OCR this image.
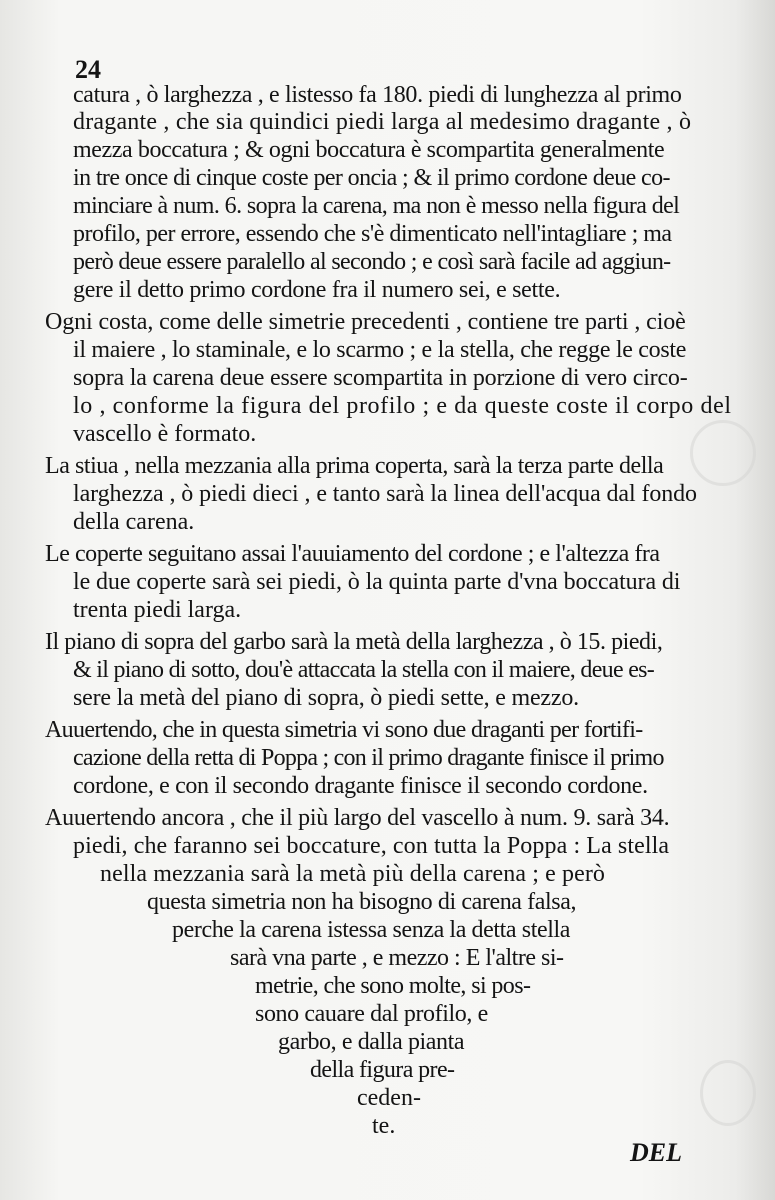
24
catura , ò larghezza , e listesso fa 180. piedi di lunghezza al primo
dragante , che sia quindici piedi larga al medesimo dragante , ò
mezza boccatura ; & ogni boccatura è scompartita generalmente
in tre once di cinque coste per oncia ; & il primo cordone deue co-
minciare à num. 6. sopra la carena, ma non è messo nella figura del
profilo, per errore, essendo che s'è dimenticato nell'intagliare ; ma
però deue essere paralello al secondo ; e così sarà facile ad aggiun-
gere il detto primo cordone fra il numero sei, e sette.
Ogni costa, come delle simetrie precedenti , contiene tre parti , cioè
il maiere , lo staminale, e lo scarmo ; e la stella, che regge le coste
sopra la carena deue essere scompartita in porzione di vero circo-
lo , conforme la figura del profilo ; e da queste coste il corpo del
vascello è formato.
La stiua , nella mezzania alla prima coperta, sarà la terza parte della
larghezza , ò piedi dieci , e tanto sarà la linea dell'acqua dal fondo
della carena.
Le coperte seguitano assai l'auuiamento del cordone ; e l'altezza fra
le due coperte sarà sei piedi, ò la quinta parte d'vna boccatura di
trenta piedi larga.
Il piano di sopra del garbo sarà la metà della larghezza , ò 15. piedi,
& il piano di sotto, dou'è attaccata la stella con il maiere, deue es-
sere la metà del piano di sopra, ò piedi sette, e mezzo.
Auuertendo, che in questa simetria vi sono due draganti per fortifi-
cazione della retta di Poppa ; con il primo dragante finisce il primo
cordone, e con il secondo dragante finisce il secondo cordone.
Auuertendo ancora , che il più largo del vascello à num. 9. sarà 34.
piedi, che faranno sei boccature, con tutta la Poppa : La stella
nella mezzania sarà la metà più della carena ; e però
questa simetria non ha bisogno di carena falsa,
perche la carena istessa senza la detta stella
sarà vna parte , e mezzo : E l'altre si-
metrie, che sono molte, si pos-
sono cauare dal profilo, e
garbo, e dalla pianta
della figura pre-
ceden-
te.
DEL
